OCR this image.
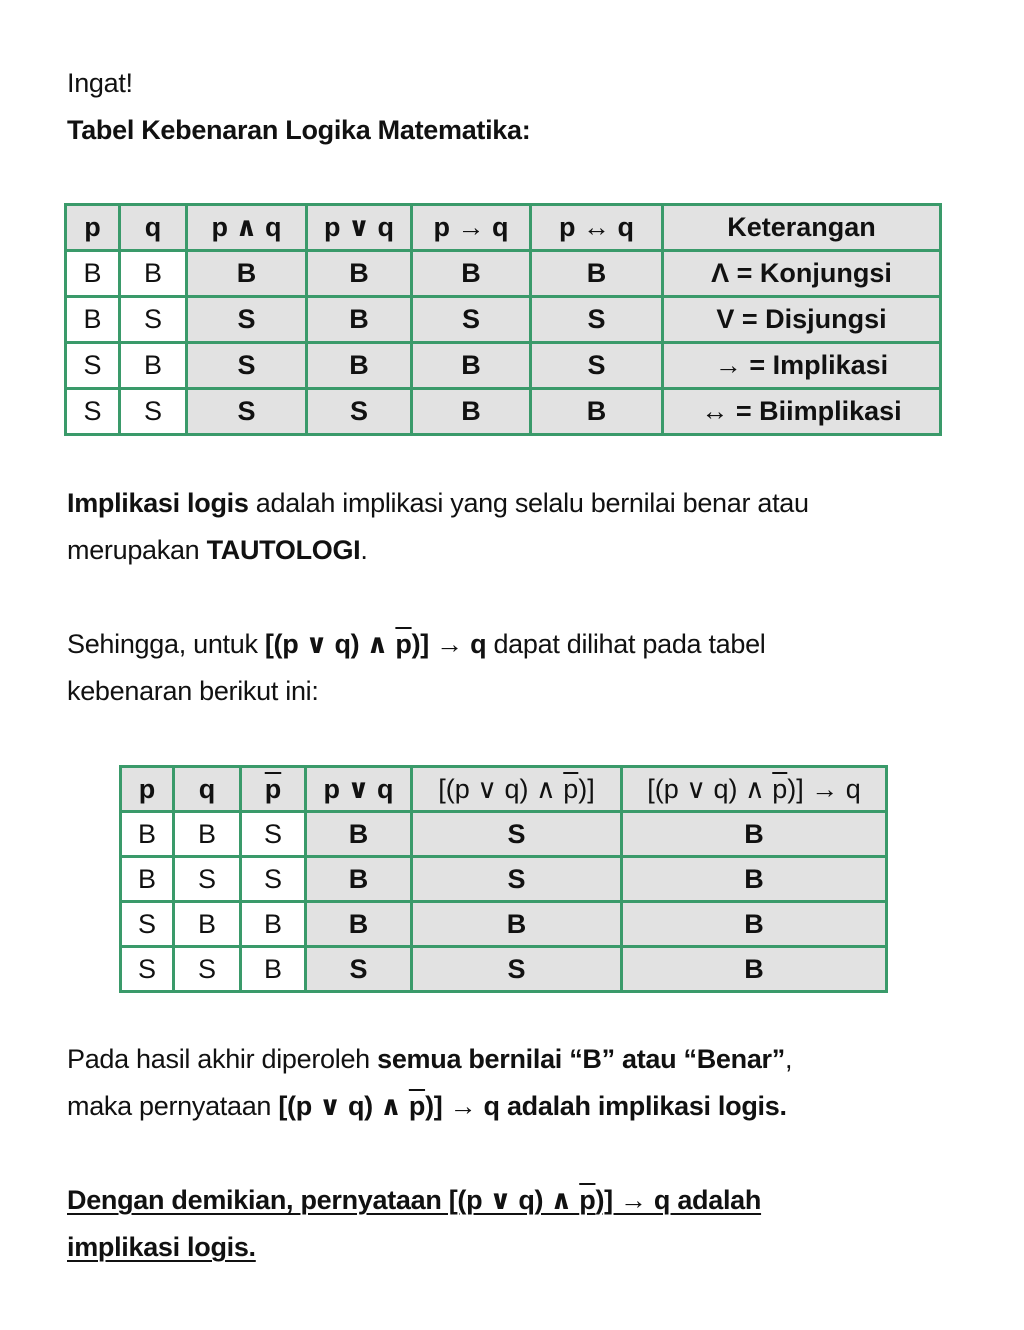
Ingat!
Tabel Kebenaran Logika Matematika:
p	q	p ∧ q	p ∨ q	p → q	p ↔ q	Keterangan
B	B	B	B	B	B	Λ = Konjungsi
B	S	S	B	S	S	V = Disjungsi
S	B	S	B	B	S	→ = Implikasi
S	S	S	S	B	B	↔ = Biimplikasi
Implikasi logis adalah implikasi yang selalu bernilai benar atau
merupakan TAUTOLOGI.
Sehingga, untuk [(p ∨ q) ∧ $\overline{p})] \to q$ dapat dilihat pada tabel
kebenaran berikut ini:
p	q	$\overline{p}$	p ∨ q	[(p ∨ q) ∧ $\overline{p}$)]	[(p ∨ q) ∧ $\overline{p})] \to q$
B	B	S	B	S	B
B	S	S	B	S	B
S	B	B	B	B	B
S	S	B	S	S	B
Pada hasil akhir diperoleh semua bernilai “B” atau “Benar”,
maka pernyataan [(p ∨ q) ∧ $\overline{p})] \to q$ adalah implikasi logis.
Dengan demikian, pernyataan [(p ∨ q) ∧ p)] → q adalah
implikasi logis.
